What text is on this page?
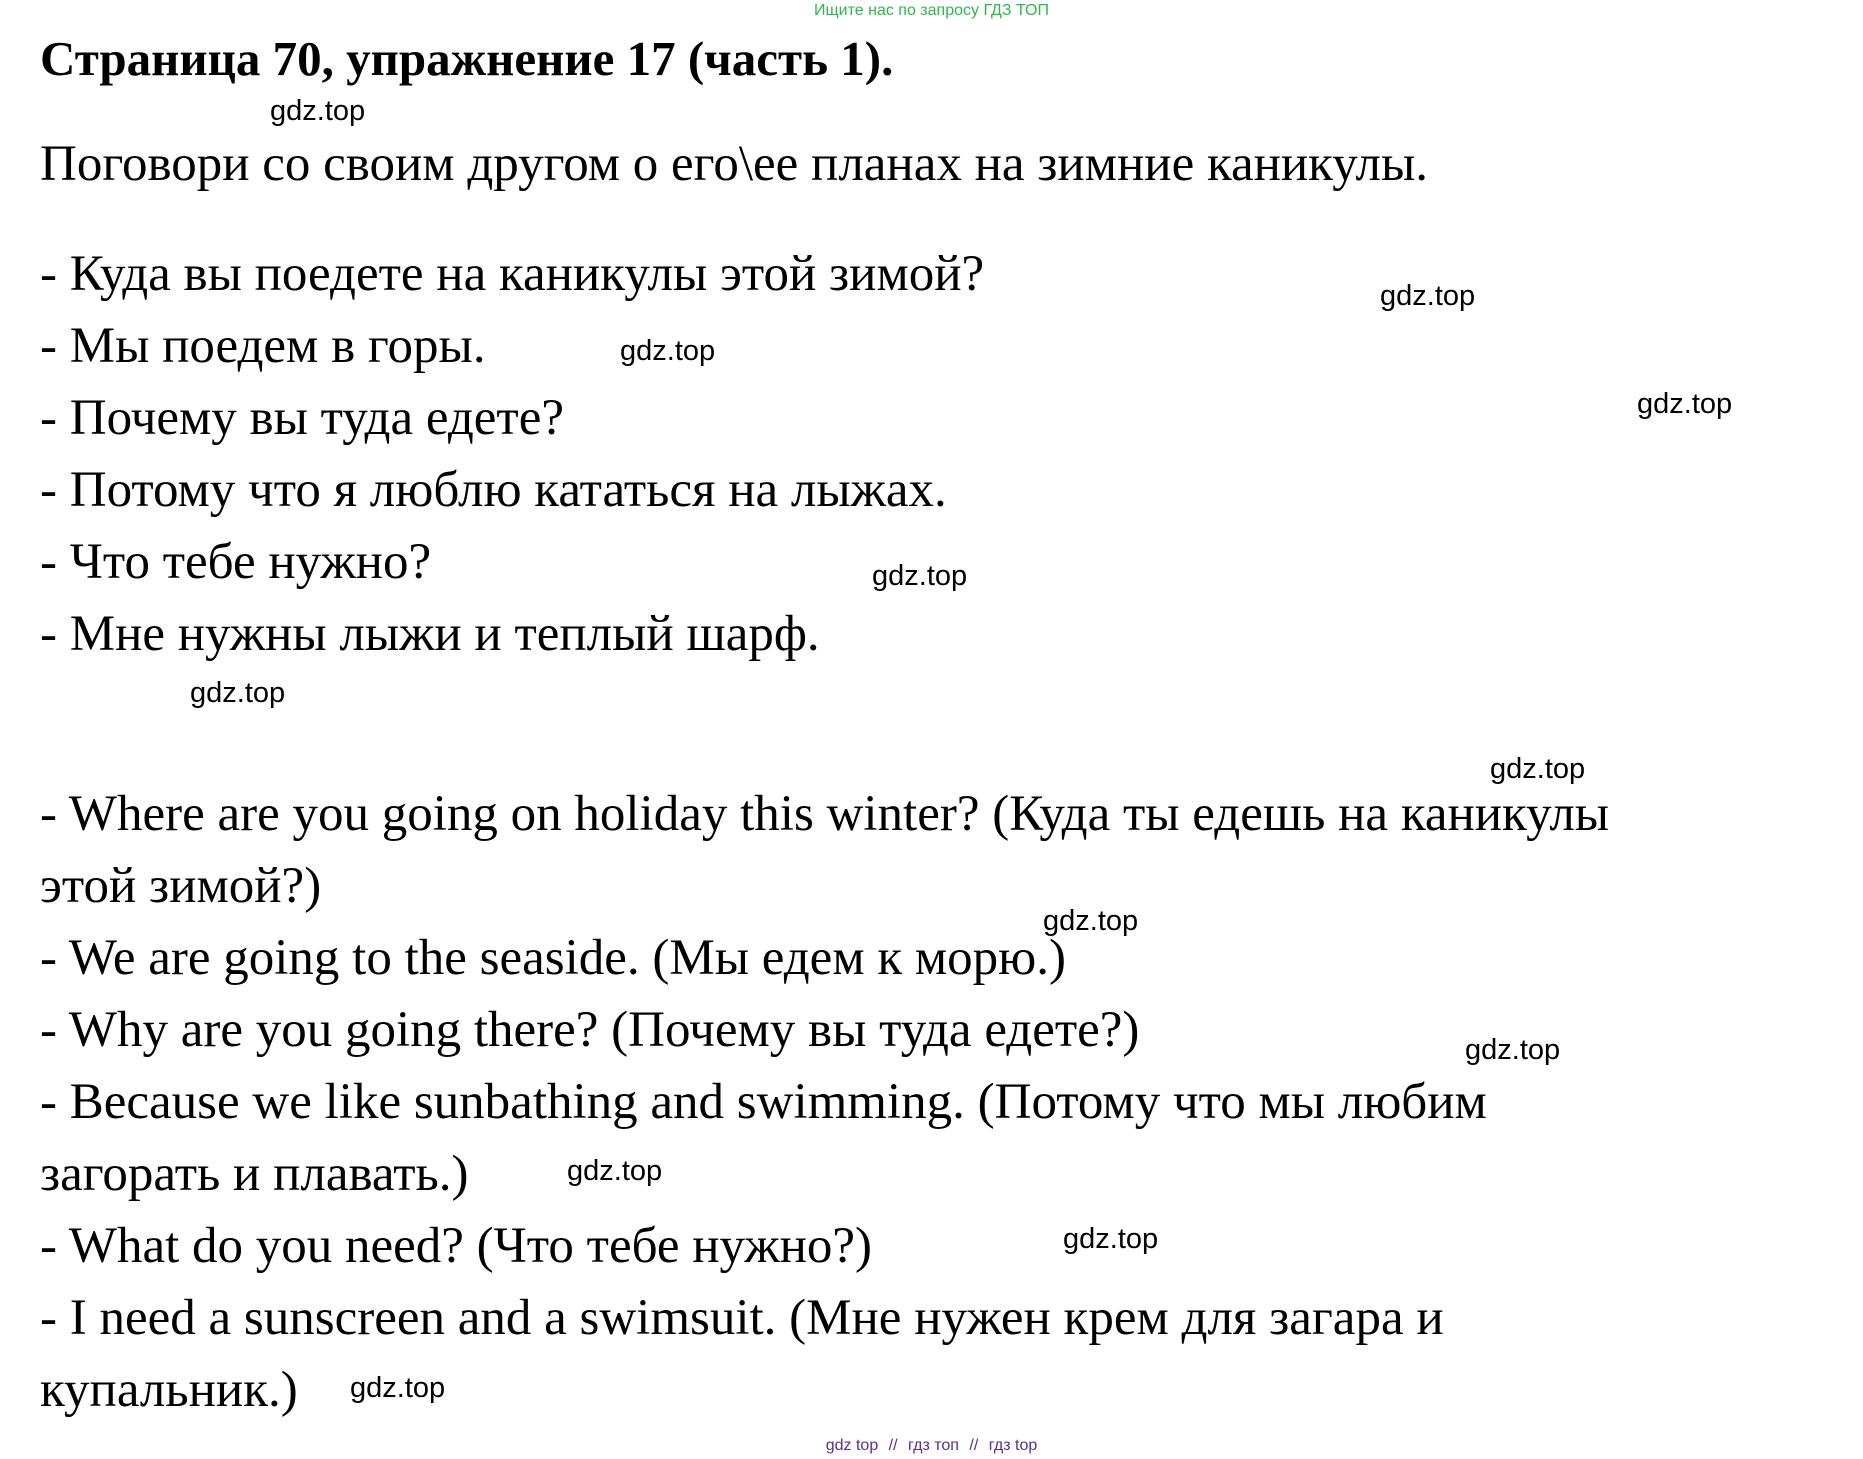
Ищите нас по запросу ГДЗ ТОП
Страница 70, упражнение 17 (часть 1).
Поговори со своим другом о его\ее планах на зимние каникулы.
- Куда вы поедете на каникулы этой зимой?
- Мы поедем в горы.
- Почему вы туда едете?
- Потому что я люблю кататься на лыжах.
- Что тебе нужно?
- Мне нужны лыжи и теплый шарф.
- Where are you going on holiday this winter? (Куда ты едешь на каникулы
этой зимой?)
- We are going to the seaside. (Мы едем к морю.)
- Why are you going there? (Почему вы туда едете?)
- Because we like sunbathing and swimming. (Потому что мы любим
загорать и плавать.)
- What do you need? (Что тебе нужно?)
- I need a sunscreen and a swimsuit. (Мне нужен крем для загара и
купальник.)
gdz.top
gdz.top
gdz.top
gdz.top
gdz.top
gdz.top
gdz.top
gdz.top
gdz.top
gdz.top
gdz.top
gdz.top
gdz top // гдз топ // гдз top
